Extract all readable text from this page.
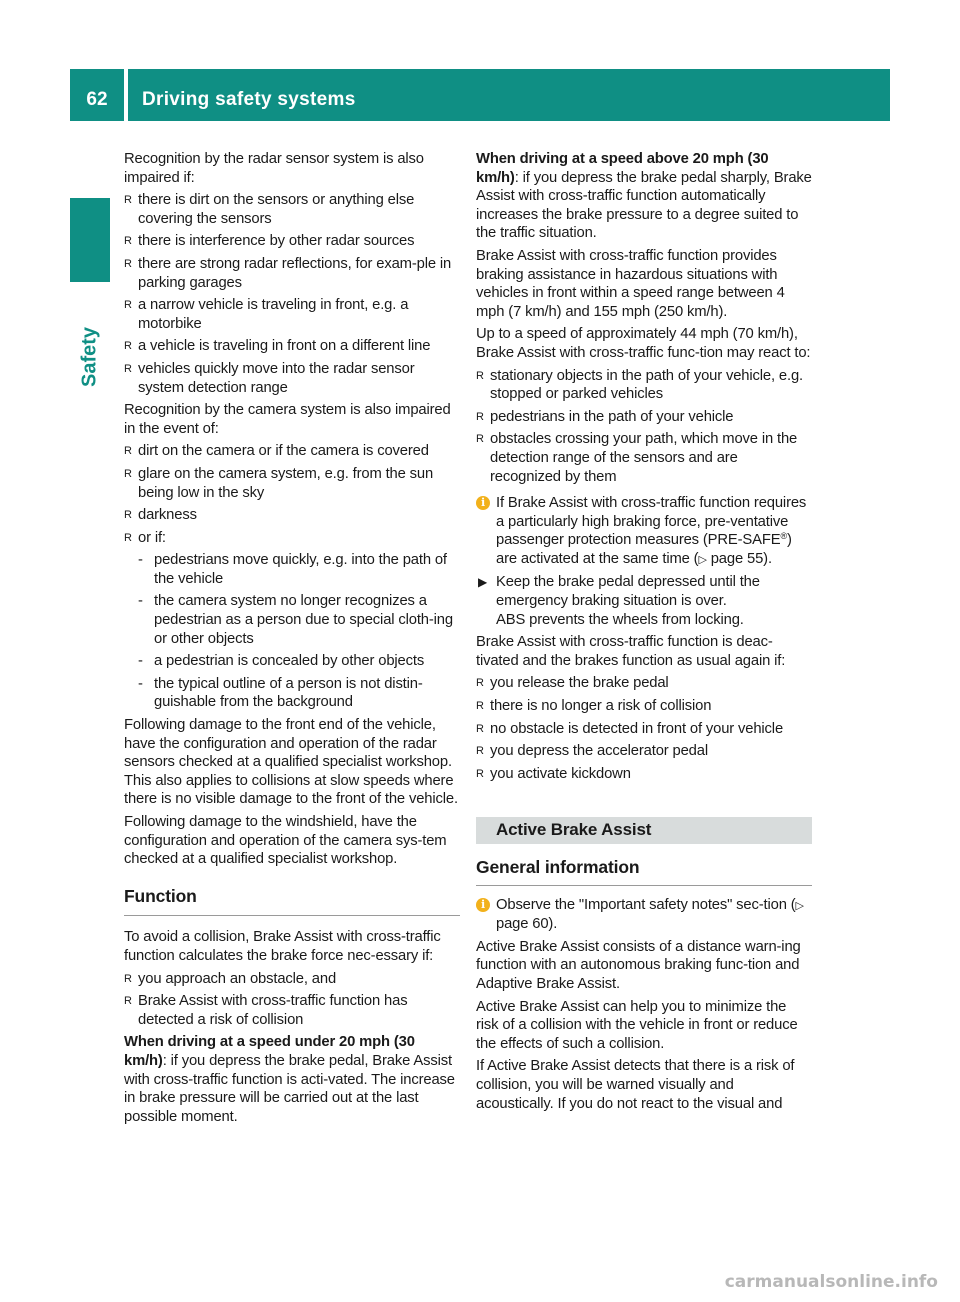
62	Driving safety systems
Safety

Recognition by the radar sensor system is also impaired if:

R there is dirt on the sensors or anything else covering the sensors
R there is interference by other radar sources
R there are strong radar reflections, for exam-ple in parking garages
R a narrow vehicle is traveling in front, e.g. a motorbike
R a vehicle is traveling in front on a different line
R vehicles quickly move into the radar sensor system detection range

Recognition by the camera system is also impaired in the event of:

R dirt on the camera or if the camera is covered
R glare on the camera system, e.g. from the sun being low in the sky
R darkness
R or if:
- pedestrians move quickly, e.g. into the path of the vehicle
- the camera system no longer recognizes a pedestrian as a person due to special cloth-ing or other objects
- a pedestrian is concealed by other objects
- the typical outline of a person is not distin-guishable from the background

Following damage to the front end of the vehicle, have the configuration and operation of the radar sensors checked at a qualified specialist workshop. This also applies to collisions at slow speeds where there is no visible damage to the front of the vehicle.

Following damage to the windshield, have the configuration and operation of the camera sys-tem checked at a qualified specialist workshop.

Function

To avoid a collision, Brake Assist with cross-traffic function calculates the brake force nec-essary if:

R you approach an obstacle, and
R Brake Assist with cross-traffic function has detected a risk of collision

When driving at a speed under 20 mph (30 km/h): if you depress the brake pedal, Brake Assist with cross-traffic function is acti-vated. The increase in brake pressure will be carried out at the last possible moment.

When driving at a speed above 20 mph (30 km/h): if you depress the brake pedal sharply, Brake Assist with cross-traffic function automatically increases the brake pressure to a degree suited to the traffic situation.

Brake Assist with cross-traffic function provides braking assistance in hazardous situations with vehicles in front within a speed range between 4 mph (7 km/h) and 155 mph (250 km/h).

Up to a speed of approximately 44 mph (70 km/h), Brake Assist with cross-traffic func-tion may react to:

R stationary objects in the path of your vehicle, e.g. stopped or parked vehicles
R pedestrians in the path of your vehicle
R obstacles crossing your path, which move in the detection range of the sensors and are recognized by them
i If Brake Assist with cross-traffic function requires a particularly high braking force, pre-ventative passenger protection measures (PRE-SAFE®) are activated at the same time (▷ page 55).
▶ Keep the brake pedal depressed until the emergency braking situation is over.
ABS prevents the wheels from locking.

Brake Assist with cross-traffic function is deac-tivated and the brakes function as usual again if:

R you release the brake pedal
R there is no longer a risk of collision
R no obstacle is detected in front of your vehicle
R you depress the accelerator pedal
R you activate kickdown
Active Brake Assist
General information
i Observe the "Important safety notes" sec-tion (▷ page 60).

Active Brake Assist consists of a distance warn-ing function with an autonomous braking func-tion and Adaptive Brake Assist.

Active Brake Assist can help you to minimize the risk of a collision with the vehicle in front or reduce the effects of such a collision.

If Active Brake Assist detects that there is a risk of collision, you will be warned visually and acoustically. If you do not react to the visual and

carmanualsonline.info
